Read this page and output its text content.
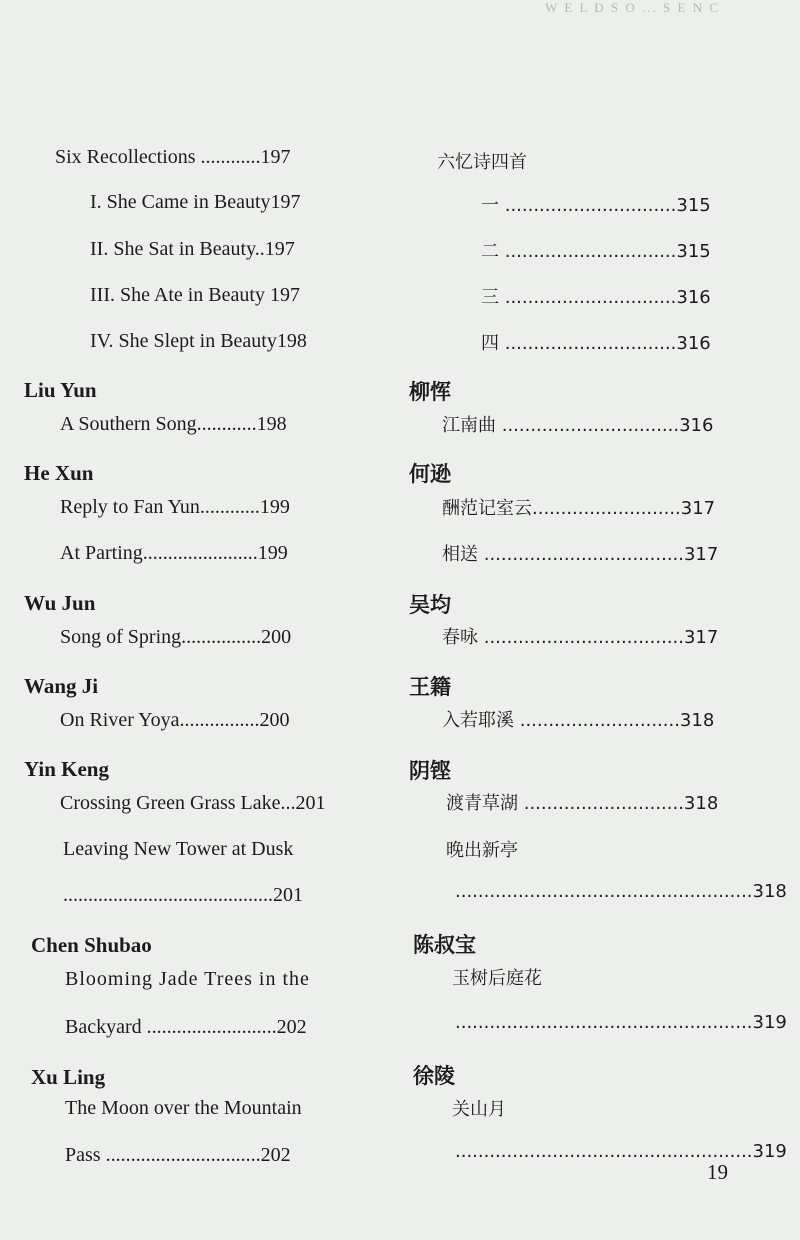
W E L D S O ... S E N C
Six Recollections ............197
I. She Came in Beauty197
II. She Sat in Beauty..197
III. She Ate in Beauty 197
IV. She Slept in Beauty198
Liu Yun
A Southern Song............198
He Xun
Reply to Fan Yun............199
At Parting.......................199
Wu Jun
Song of Spring................200
Wang Ji
On River Yoya................200
Yin Keng
Crossing Green Grass Lake...201
Leaving New Tower at Dusk
..........................................201
Chen Shubao
Blooming Jade Trees in the
Backyard ..........................202
Xu Ling
The Moon over the Mountain
Pass ...............................202
六忆诗四首
一 ..............................315
二 ..............................315
三 ..............................316
四 ..............................316
柳恽
江南曲 ...............................316
何逊
酬范记室云..........................317
相送 ...................................317
吴均
春咏 ...................................317
王籍
入若耶溪 ............................318
阴铿
渡青草湖 ............................318
晚出新亭
....................................................318
陈叔宝
玉树后庭花
....................................................319
徐陵
关山月
....................................................319
19
